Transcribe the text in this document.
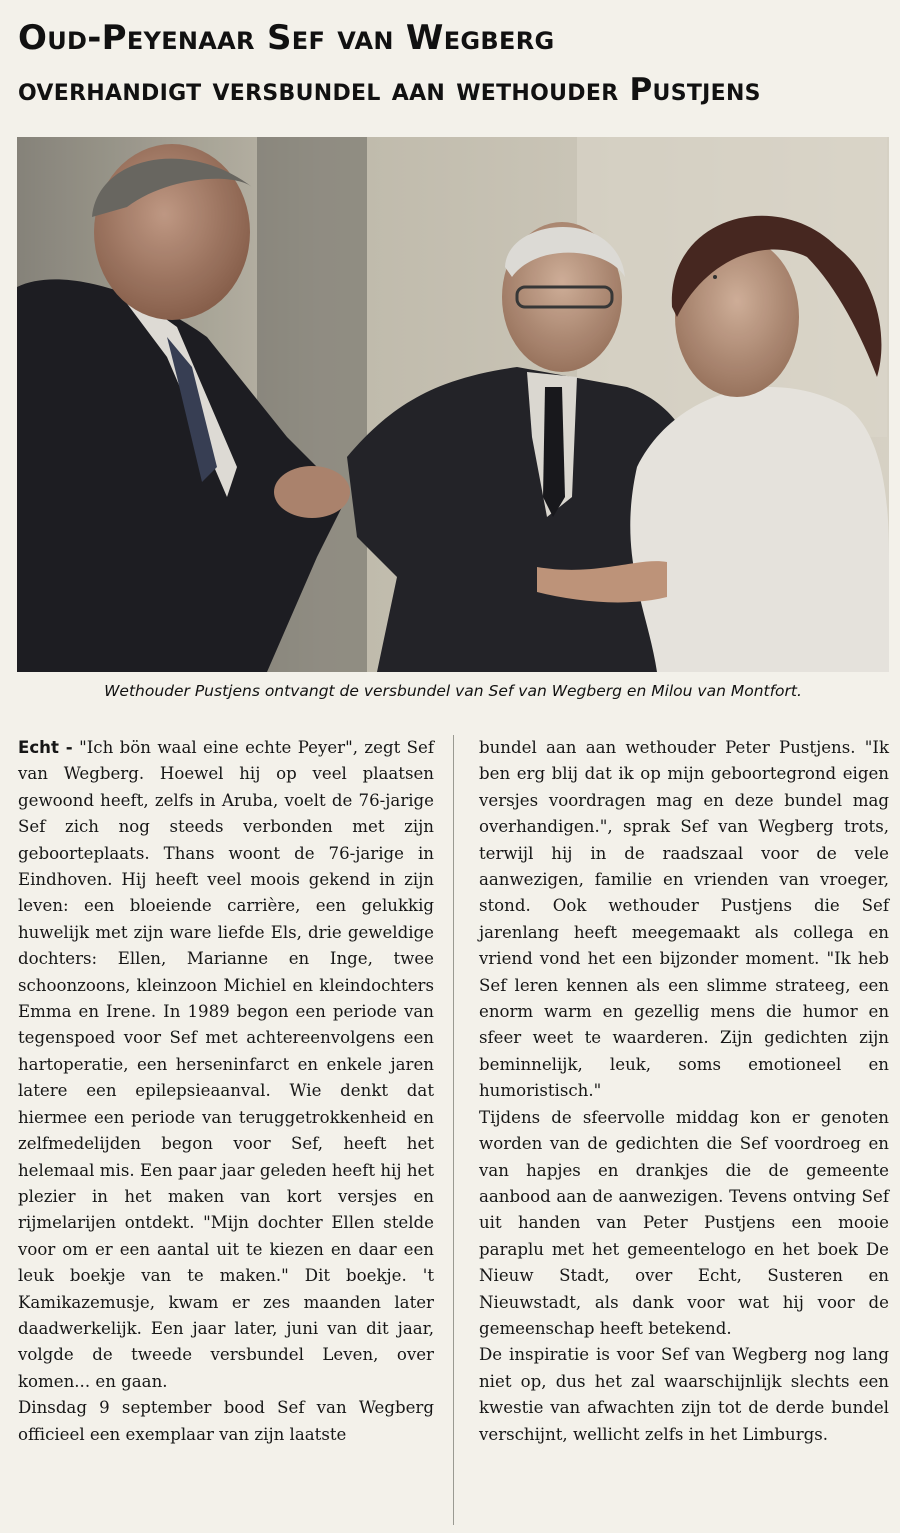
Oud-Peyenaar Sef van Wegberg
overhandigt versbundel aan wethouder Pustjens
Wethouder Pustjens ontvangt de versbundel van Sef van Wegberg en Milou van Montfort.

Echt - "Ich bön waal eine echte Peyer", zegt Sef van Wegberg. Hoewel hij op veel plaatsen gewoond heeft, zelfs in Aruba, voelt de 76-jarige Sef zich nog steeds verbonden met zijn geboorteplaats. Thans woont de 76-jarige in Eindhoven. Hij heeft veel moois gekend in zijn leven: een bloeiende carrière, een gelukkig huwelijk met zijn ware liefde Els, drie geweldige dochters: Ellen, Marianne en Inge, twee schoonzoons, kleinzoon Michiel en kleindochters Emma en Irene. In 1989 begon een periode van tegenspoed voor Sef met achtereenvolgens een hartoperatie, een herseninfarct en enkele jaren latere een epilepsieaanval. Wie denkt dat hiermee een periode van teruggetrokkenheid en zelfmedelijden begon voor Sef, heeft het helemaal mis. Een paar jaar geleden heeft hij het plezier in het maken van kort versjes en rijmelarijen ontdekt. "Mijn dochter Ellen stelde voor om er een aantal uit te kiezen en daar een leuk boekje van te maken." Dit boekje. 't Kamikazemusje, kwam er zes maanden later daadwerkelijk. Een jaar later, juni van dit jaar, volgde de tweede versbundel Leven, over komen... en gaan.

Dinsdag 9 september bood Sef van Wegberg officieel een exemplaar van zijn laatste

bundel aan aan wethouder Peter Pustjens. "Ik ben erg blij dat ik op mijn geboortegrond eigen versjes voordragen mag en deze bundel mag overhandigen.", sprak Sef van Wegberg trots, terwijl hij in de raadszaal voor de vele aanwezigen, familie en vrienden van vroeger, stond. Ook wethouder Pustjens die Sef jarenlang heeft meegemaakt als collega en vriend vond het een bijzonder moment. "Ik heb Sef leren kennen als een slimme strateeg, een enorm warm en gezellig mens die humor en sfeer weet te waarderen. Zijn gedichten zijn beminnelijk, leuk, soms emotioneel en humoristisch."

Tijdens de sfeervolle middag kon er genoten worden van de gedichten die Sef voordroeg en van hapjes en drankjes die de gemeente aanbood aan de aanwezigen. Tevens ontving Sef uit handen van Peter Pustjens een mooie paraplu met het gemeentelogo en het boek De Nieuw Stadt, over Echt, Susteren en Nieuwstadt, als dank voor wat hij voor de gemeenschap heeft betekend.

De inspiratie is voor Sef van Wegberg nog lang niet op, dus het zal waarschijnlijk slechts een kwestie van afwachten zijn tot de derde bundel verschijnt, wellicht zelfs in het Limburgs.
